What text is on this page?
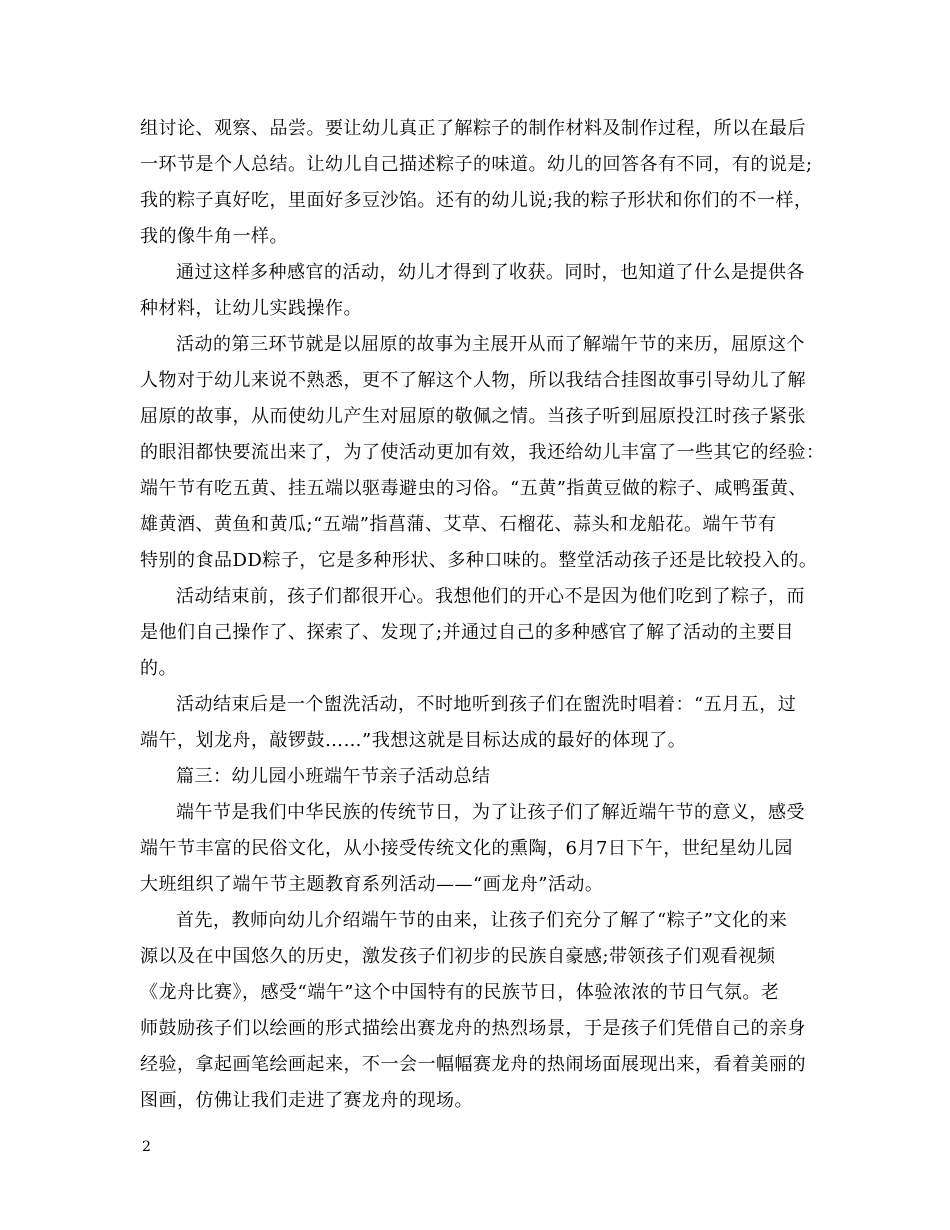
组讨论、观察、品尝。要让幼儿真正了解粽子的制作材料及制作过程，所以在最后
一环节是个人总结。让幼儿自己描述粽子的味道。幼儿的回答各有不同，有的说是;
我的粽子真好吃，里面好多豆沙馅。还有的幼儿说;我的粽子形状和你们的不一样，
我的像牛角一样。
通过这样多种感官的活动，幼儿才得到了收获。同时，也知道了什么是提供各
种材料，让幼儿实践操作。
活动的第三环节就是以屈原的故事为主展开从而了解端午节的来历，屈原这个
人物对于幼儿来说不熟悉，更不了解这个人物，所以我结合挂图故事引导幼儿了解
屈原的故事，从而使幼儿产生对屈原的敬佩之情。当孩子听到屈原投江时孩子紧张
的眼泪都快要流出来了，为了使活动更加有效，我还给幼儿丰富了一些其它的经验：
端午节有吃五黄、挂五端以驱毒避虫的习俗。“五黄”指黄豆做的粽子、咸鸭蛋黄、
雄黄酒、黄鱼和黄瓜;“五端”指菖蒲、艾草、石榴花、蒜头和龙船花。端午节有
特别的食品DD粽子，它是多种形状、多种口味的。整堂活动孩子还是比较投入的。
活动结束前，孩子们都很开心。我想他们的开心不是因为他们吃到了粽子，而
是他们自己操作了、探索了、发现了;并通过自己的多种感官了解了活动的主要目
的。
活动结束后是一个盥洗活动，不时地听到孩子们在盥洗时唱着：“五月五，过
端午，划龙舟，敲锣鼓……”我想这就是目标达成的最好的体现了。
篇三：幼儿园小班端午节亲子活动总结
端午节是我们中华民族的传统节日，为了让孩子们了解近端午节的意义，感受
端午节丰富的民俗文化，从小接受传统文化的熏陶，6月7日下午，世纪星幼儿园
大班组织了端午节主题教育系列活动——“画龙舟”活动。
首先，教师向幼儿介绍端午节的由来，让孩子们充分了解了“粽子”文化的来
源以及在中国悠久的历史，激发孩子们初步的民族自豪感;带领孩子们观看视频
《龙舟比赛》，感受“端午”这个中国特有的民族节日，体验浓浓的节日气氛。老
师鼓励孩子们以绘画的形式描绘出赛龙舟的热烈场景，于是孩子们凭借自己的亲身
经验，拿起画笔绘画起来，不一会一幅幅赛龙舟的热闹场面展现出来，看着美丽的
图画，仿佛让我们走进了赛龙舟的现场。
2
